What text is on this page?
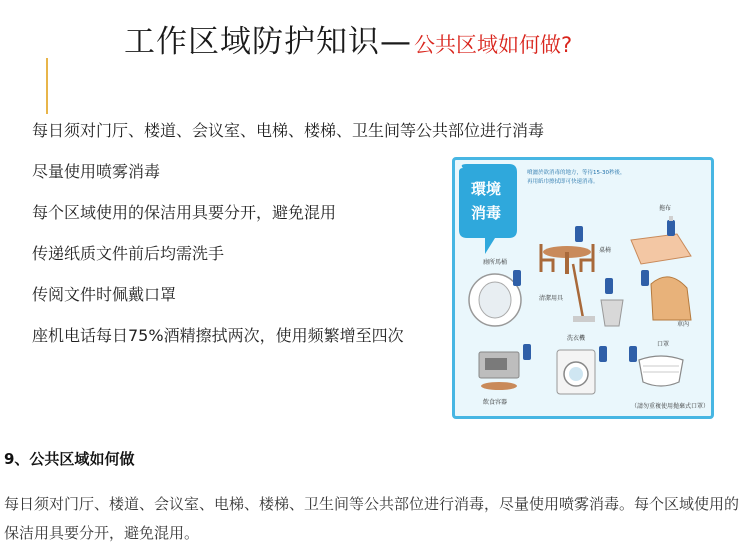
工作区域防护知识— 公共区域如何做?
每日须对门厅、楼道、会议室、电梯、楼梯、卫生间等公共部位进行消毒
尽量使用喷雾消毒
每个区域使用的保洁用具要分开，避免混用
传递纸质文件前后均需洗手
传阅文件时佩戴口罩
座机电话每日75%酒精擦拭两次，使用频繁增至四次
環境
消毒
噴灑於欲消毒的地方，等待15-30秒後，
再用紙巾擦拭即可快速消毒。
拖布
桌椅
廁所馬桶
清潔用具
車內
飲食容器
洗衣機
口罩
（請勿重複使用拋棄式口罩）
9、公共区域如何做

每日须对门厅、楼道、会议室、电梯、楼梯、卫生间等公共部位进行消毒，尽量使用喷雾消毒。每个区域使用的保洁用具要分开，避免混用。
